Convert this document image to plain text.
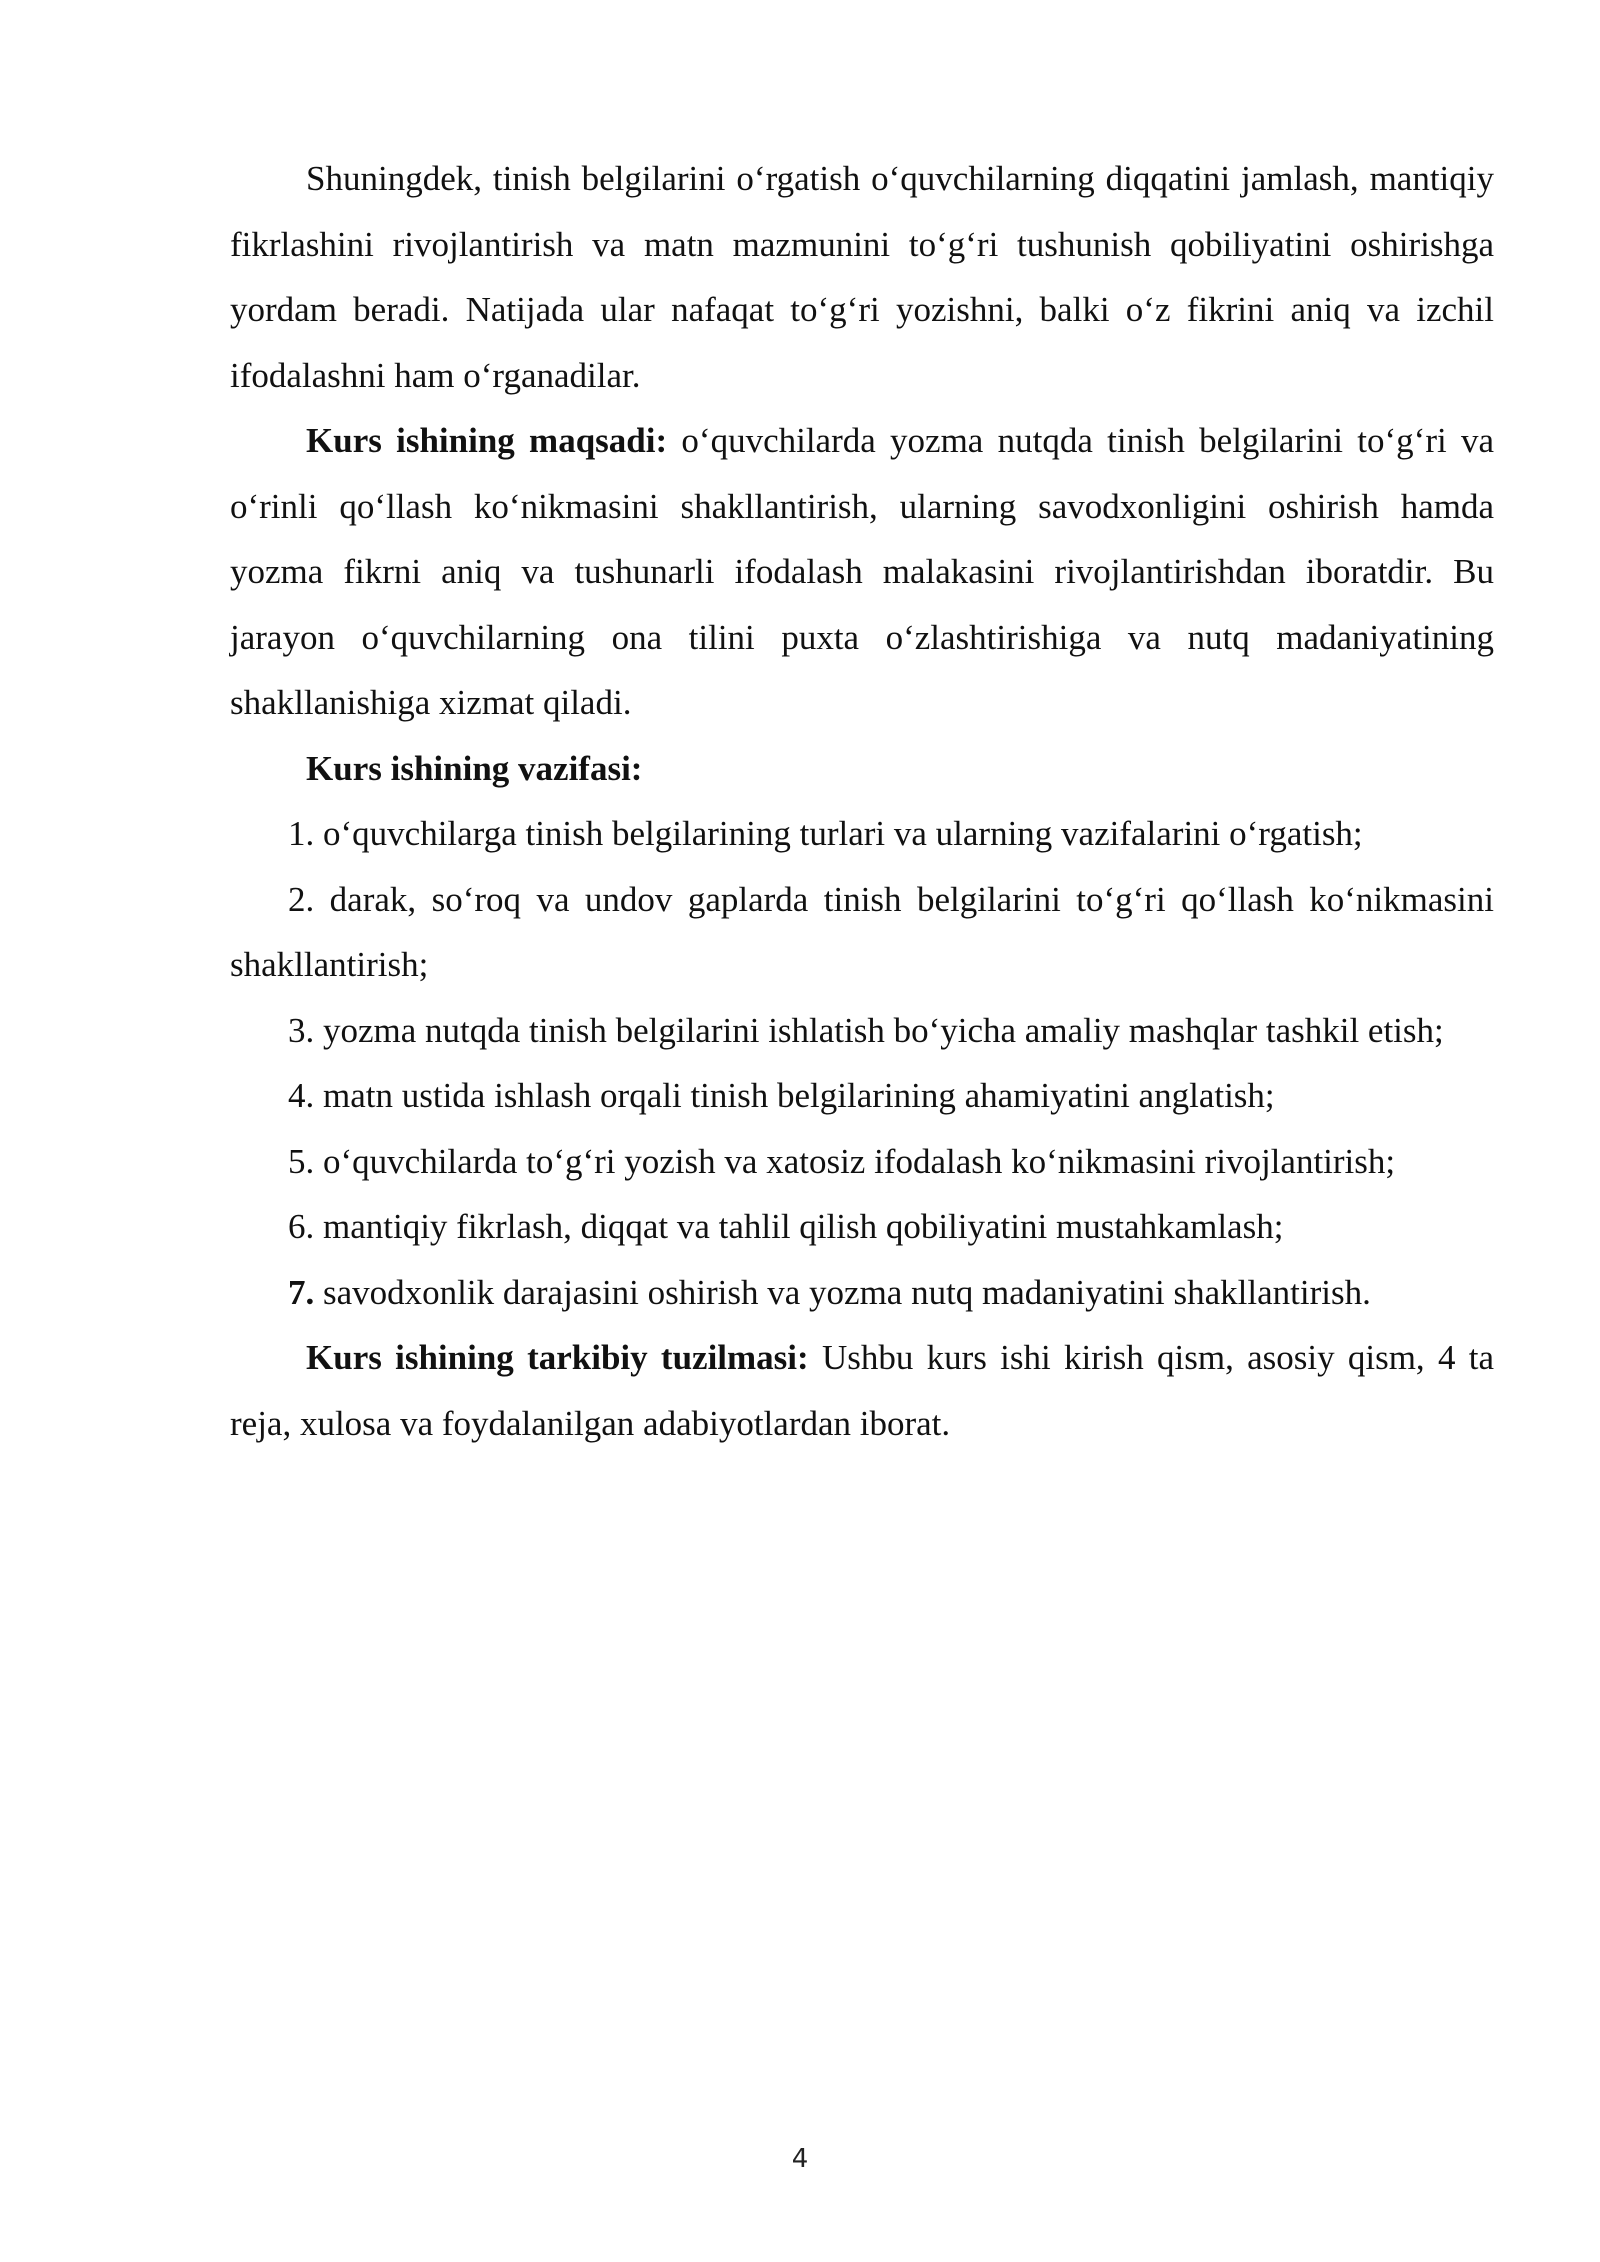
Shuningdek, tinish belgilarini o‘rgatish o‘quvchilarning diqqatini jamlash, mantiqiy fikrlashini rivojlantirish va matn mazmunini to‘g‘ri tushunish qobiliyatini oshirishga yordam beradi. Natijada ular nafaqat to‘g‘ri yozishni, balki o‘z fikrini aniq va izchil ifodalashni ham o‘rganadilar.

Kurs ishining maqsadi: o‘quvchilarda yozma nutqda tinish belgilarini to‘g‘ri va o‘rinli qo‘llash ko‘nikmasini shakllantirish, ularning savodxonligini oshirish hamda yozma fikrni aniq va tushunarli ifodalash malakasini rivojlantirishdan iboratdir. Bu jarayon o‘quvchilarning ona tilini puxta o‘zlashtirishiga va nutq madaniyatining shakllanishiga xizmat qiladi.

Kurs ishining vazifasi:

1. o‘quvchilarga tinish belgilarining turlari va ularning vazifalarini o‘rgatish;

2. darak, so‘roq va undov gaplarda tinish belgilarini to‘g‘ri qo‘llash ko‘nikmasini shakllantirish;

3. yozma nutqda tinish belgilarini ishlatish bo‘yicha amaliy mashqlar tashkil etish;

4. matn ustida ishlash orqali tinish belgilarining ahamiyatini anglatish;

5. o‘quvchilarda to‘g‘ri yozish va xatosiz ifodalash ko‘nikmasini rivojlantirish;

6. mantiqiy fikrlash, diqqat va tahlil qilish qobiliyatini mustahkamlash;

7. savodxonlik darajasini oshirish va yozma nutq madaniyatini shakllantirish.

Kurs ishining tarkibiy tuzilmasi: Ushbu kurs ishi kirish qism, asosiy qism, 4 ta reja, xulosa va foydalanilgan adabiyotlardan iborat.

4
